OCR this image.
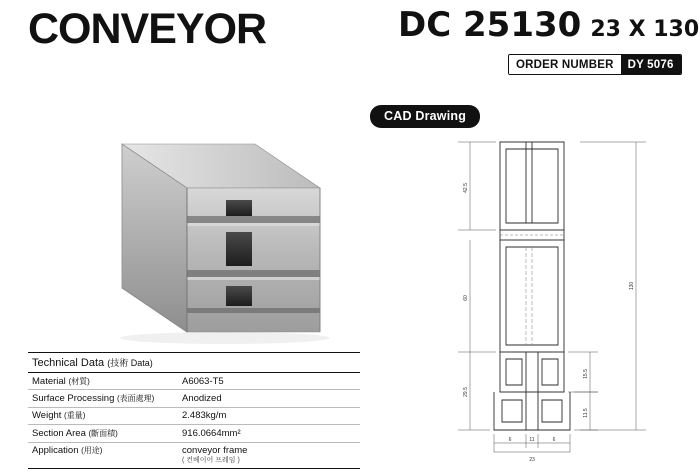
CONVEYOR	DC 25130 23 X 130
ORDER NUMBER	DY 5076
CAD Drawing
Technical Data (技術 Data)
Material (材質)	A6063-T5
Surface Processing (表面處理)	Anodized
Weight (重量)	2.483kg/m
Section Area (斷面積)	916.0664mm²
Application (用途)	conveyor frame
( 컨베이어 프레임 )
42.5
60
29.5
130
15.5
11.5
6	11	6
23
